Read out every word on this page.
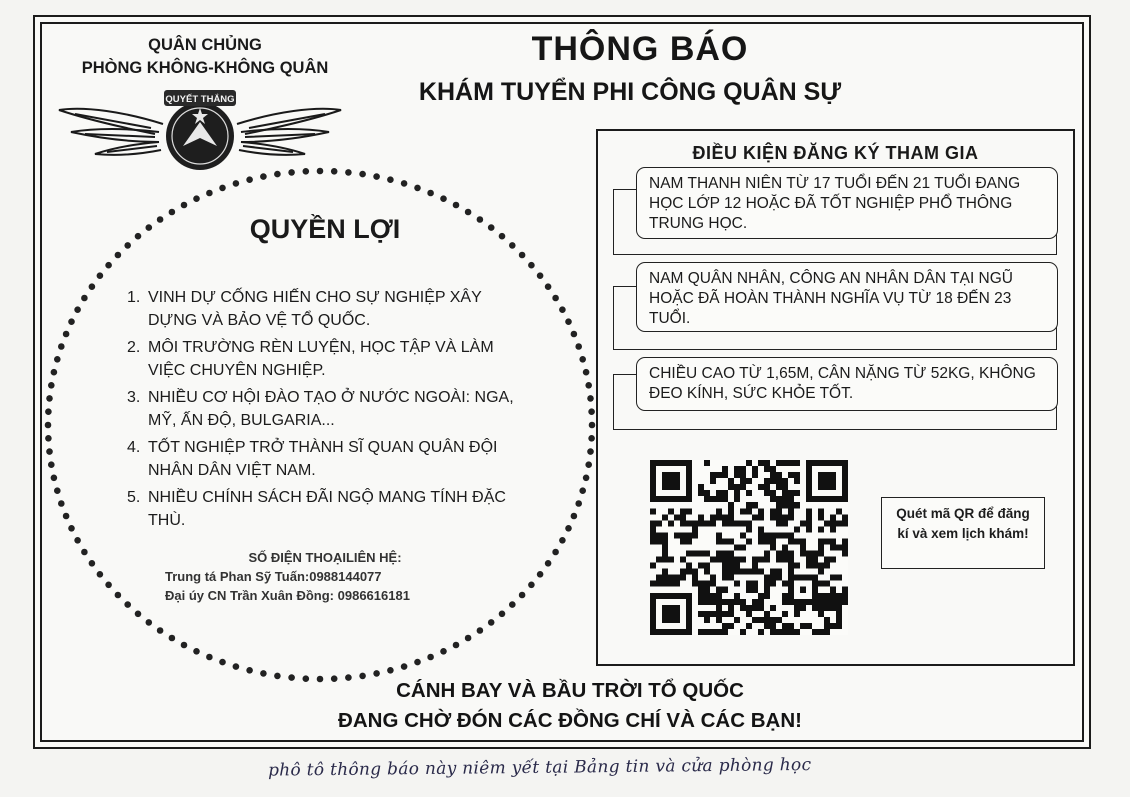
QUÂN CHỦNG
PHÒNG KHÔNG-KHÔNG QUÂN
QUYẾT THẮNG
THÔNG BÁO
KHÁM TUYỂN PHI CÔNG QUÂN SỰ
QUYỀN LỢI
1. VINH DỰ CỐNG HIẾN CHO SỰ NGHIỆP XÂY DỰNG VÀ BẢO VỆ TỔ QUỐC.
2. MÔI TRƯỜNG RÈN LUYỆN, HỌC TẬP VÀ LÀM VIỆC CHUYÊN NGHIỆP.
3. NHIỀU CƠ HỘI ĐÀO TẠO Ở NƯỚC NGOÀI: NGA, MỸ, ẤN ĐỘ, BULGARIA...
4. TỐT NGHIỆP TRỞ THÀNH SĨ QUAN QUÂN ĐỘI NHÂN DÂN VIỆT NAM.
5. NHIỀU CHÍNH SÁCH ĐÃI NGỘ MANG TÍNH ĐẶC THÙ.
SỐ ĐIỆN THOẠILIÊN HỆ:
Trung tá Phan Sỹ Tuấn:0988144077
Đại úy CN Trần Xuân Đồng: 0986616181
ĐIỀU KIỆN ĐĂNG KÝ THAM GIA
NAM THANH NIÊN TỪ 17 TUỔI ĐẾN 21 TUỔI ĐANG HỌC LỚP 12 HOẶC ĐÃ TỐT NGHIỆP PHỔ THÔNG TRUNG HỌC.
NAM QUÂN NHÂN, CÔNG AN NHÂN DÂN TẠI NGŨ HOẶC ĐÃ HOÀN THÀNH NGHĨA VỤ TỪ 18 ĐẾN 23 TUỔI.
CHIỀU CAO TỪ 1,65M, CÂN NẶNG TỪ 52KG, KHÔNG ĐEO KÍNH, SỨC KHỎE TỐT.
Quét mã QR để đăng kí và xem lịch khám!
CÁNH BAY VÀ BẦU TRỜI TỔ QUỐC
ĐANG CHỜ ĐÓN CÁC ĐỒNG CHÍ VÀ CÁC BẠN!
phô tô thông báo này niêm yết tại Bảng tin và cửa phòng học
